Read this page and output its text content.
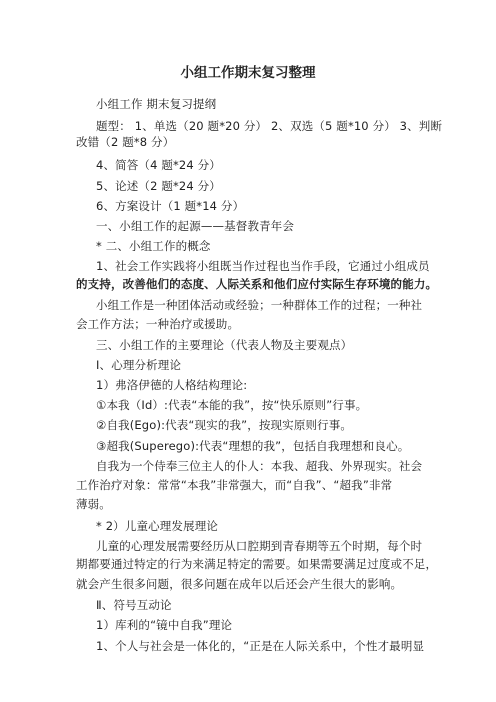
小组工作期末复习整理
小组工作 期末复习提纲
题型： 1、单选（20 题*20 分） 2、双选（5 题*10 分） 3、判断
改错（2 题*8 分）
4、简答（4 题*24 分）
5、论述（2 题*24 分）
6、方案设计（1 题*14 分）
一、小组工作的起源——基督教青年会
* 二、小组工作的概念
1、社会工作实践将小组既当作过程也当作手段，它通过小组成员
的支持，改善他们的态度、人际关系和他们应付实际生存环境的能力。
小组工作是一种团体活动或经验；一种群体工作的过程；一种社
会工作方法；一种治疗或援助。
三、小组工作的主要理论（代表人物及主要观点）
Ⅰ、心理分析理论
1）弗洛伊德的人格结构理论:
①本我（Id）:代表“本能的我”，按“快乐原则”行事。
②自我(Ego):代表“现实的我”，按现实原则行事。
③超我(Superego):代表“理想的我”，包括自我理想和良心。
自我为一个侍奉三位主人的仆人：本我、超我、外界现实。社会
工作治疗对象：常常“本我”非常强大，而“自我”、“超我”非常
薄弱。
* 2）儿童心理发展理论
儿童的心理发展需要经历从口腔期到青春期等五个时期，每个时
期都要通过特定的行为来满足特定的需要。如果需要满足过度或不足，
就会产生很多问题，很多问题在成年以后还会产生很大的影响。
Ⅱ、符号互动论
1）库利的“镜中自我”理论
1、个人与社会是一体化的，“正是在人际关系中，个性才最明显
